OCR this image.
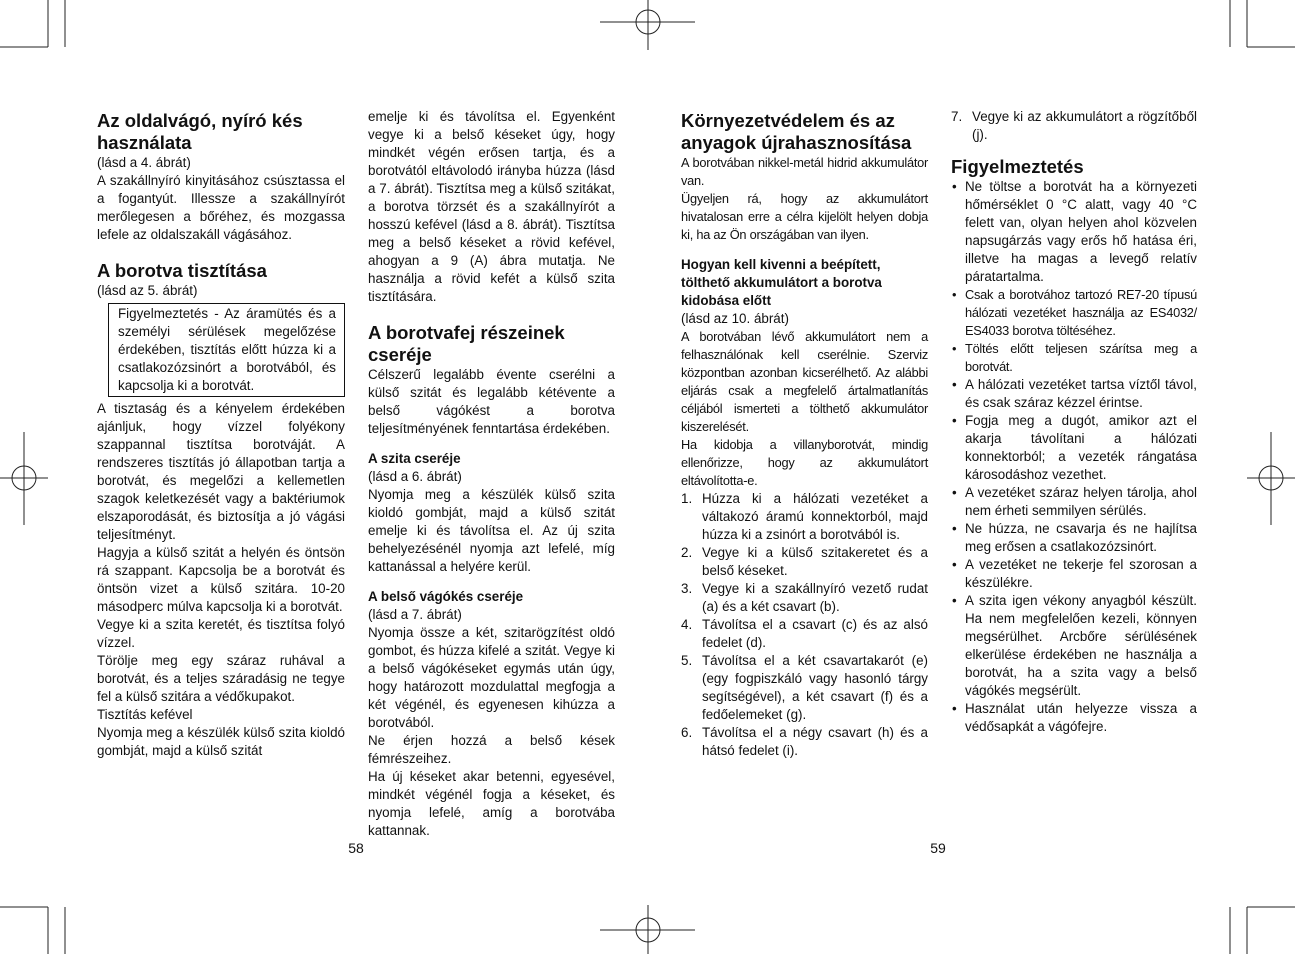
Az oldalvágó, nyíró kés használata

(lásd a 4. ábrát)

A szakállnyíró kinyitásához csúsztassa el a fogantyút. Illessze a szakállnyírót merőlegesen a bőréhez, és mozgassa lefele az oldalszakáll vágásához.

A borotva tisztítása

(lásd az 5. ábrát)

Figyelmeztetés - Az áramütés és a személyi sérülések megelőzése érdekében, tisztítás előtt húzza ki a csatlakozózsinórt a borotvából, és kapcsolja ki a borotvát.

A tisztaság és a kényelem érdekében ajánljuk, hogy vízzel folyékony szappannal tisztítsa borotváját. A rendszeres tisztítás jó állapotban tartja a borotvát, és megelőzi a kellemetlen szagok keletkezését vagy a baktériumok elszaporodását, és biztosítja a jó vágási teljesítményt.

Hagyja a külső szitát a helyén és öntsön rá szappant. Kapcsolja be a borotvát és öntsön vizet a külső szitára. 10-20 másodperc múlva kapcsolja ki a borotvát.

Vegye ki a szita keretét, és tisztítsa folyó vízzel.

Törölje meg egy száraz ruhával a borotvát, és a teljes száradásig ne tegye fel a külső szitára a védőkupakot.

Tisztítás kefével

Nyomja meg a készülék külső szita kioldó gombját, majd a külső szitát

emelje ki és távolítsa el. Egyenként vegye ki a belső késeket úgy, hogy mindkét végén erősen tartja, és a borotvától eltávolodó irányba húzza (lásd a 7. ábrát). Tisztítsa meg a külső szitákat, a borotva törzsét és a szakállnyírót a hosszú kefével (lásd a 8. ábrát). Tisztítsa meg a belső késeket a rövid kefével, ahogyan a 9 (A) ábra mutatja. Ne használja a rövid kefét a külső szita tisztítására.

A borotvafej részeinek cseréje

Célszerű legalább évente cserélni a külső szitát és legalább kétévente a belső vágókést a borotva teljesítményének fenntartása érdekében.

A szita cseréje

(lásd a 6. ábrát)

Nyomja meg a készülék külső szita kioldó gombját, majd a külső szitát emelje ki és távolítsa el. Az új szita behelyezésénél nyomja azt lefelé, míg kattanással a helyére kerül.

A belső vágókés cseréje

(lásd a 7. ábrát)

Nyomja össze a két, szitarögzítést oldó gombot, és húzza kifelé a szitát. Vegye ki a belső vágókéseket egymás után úgy, hogy határozott mozdulattal megfogja a két végénél, és egyenesen kihúzza a borotvából.

Ne érjen hozzá a belső kések fémrészeihez.

Ha új késeket akar betenni, egyesével, mindkét végénél fogja a késeket, és nyomja lefelé, amíg a borotvába kattannak.

58
Környezetvédelem és az anyagok újrahasznosítása

A borotvában nikkel-metál hidrid akkumulátor van.

Ügyeljen rá, hogy az akkumulátort hivatalosan erre a célra kijelölt helyen dobja ki, ha az Ön országában van ilyen.

Hogyan kell kivenni a beépített, tölthető akkumulátort a borotva kidobása előtt

(lásd az 10. ábrát)

A borotvában lévő akkumulátort nem a felhasználónak kell cserélnie. Szerviz központban azonban kicserélhető. Az alábbi eljárás csak a megfelelő ártalmatlanítás céljából ismerteti a tölthető akkumulátor kiszerelését.

Ha kidobja a villanyborotvát, mindig ellenőrizze, hogy az akkumulátort eltávolította-e.

1. Húzza ki a hálózati vezetéket a váltakozó áramú konnektorból, majd húzza ki a zsinórt a borotvából is.
2. Vegye ki a külső szitakeretet és a belső késeket.
3. Vegye ki a szakállnyíró vezető rudat (a) és a két csavart (b).
4. Távolítsa el a csavart (c) és az alsó fedelet (d).
5. Távolítsa el a két csavartakarót (e) (egy fogpiszkáló vagy hasonló tárgy segítségével), a két csavart (f) és a fedőelemeket (g).
6. Távolítsa el a négy csavart (h) és a hátsó fedelet (i).
7. Vegye ki az akkumulátort a rögzítőből (j).
Figyelmeztetés
• Ne töltse a borotvát ha a környezeti hőmérséklet 0 °C alatt, vagy 40 °C felett van, olyan helyen ahol közvelen napsugárzás vagy erős hő hatása éri, illetve ha magas a levegő relatív páratartalma.
• Csak a borotvához tartozó RE7-20 típusú hálózati vezetéket használja az ES4032/ ES4033 borotva töltéséhez.
• Töltés előtt teljesen szárítsa meg a borotvát.
• A hálózati vezetéket tartsa víztől távol, és csak száraz kézzel érintse.
• Fogja meg a dugót, amikor azt el akarja távolítani a hálózati konnektorból; a vezeték rángatása károsodáshoz vezethet.
• A vezetéket száraz helyen tárolja, ahol nem érheti semmilyen sérülés.
• Ne húzza, ne csavarja és ne hajlítsa meg erősen a csatlakozózsinórt.
• A vezetéket ne tekerje fel szorosan a készülékre.
• A szita igen vékony anyagból készült. Ha nem megfelelően kezeli, könnyen megsérülhet. Arcbőre sérülésének elkerülése érdekében ne használja a borotvát, ha a szita vagy a belső vágókés megsérült.
• Használat után helyezze vissza a védősapkát a vágófejre.
59
